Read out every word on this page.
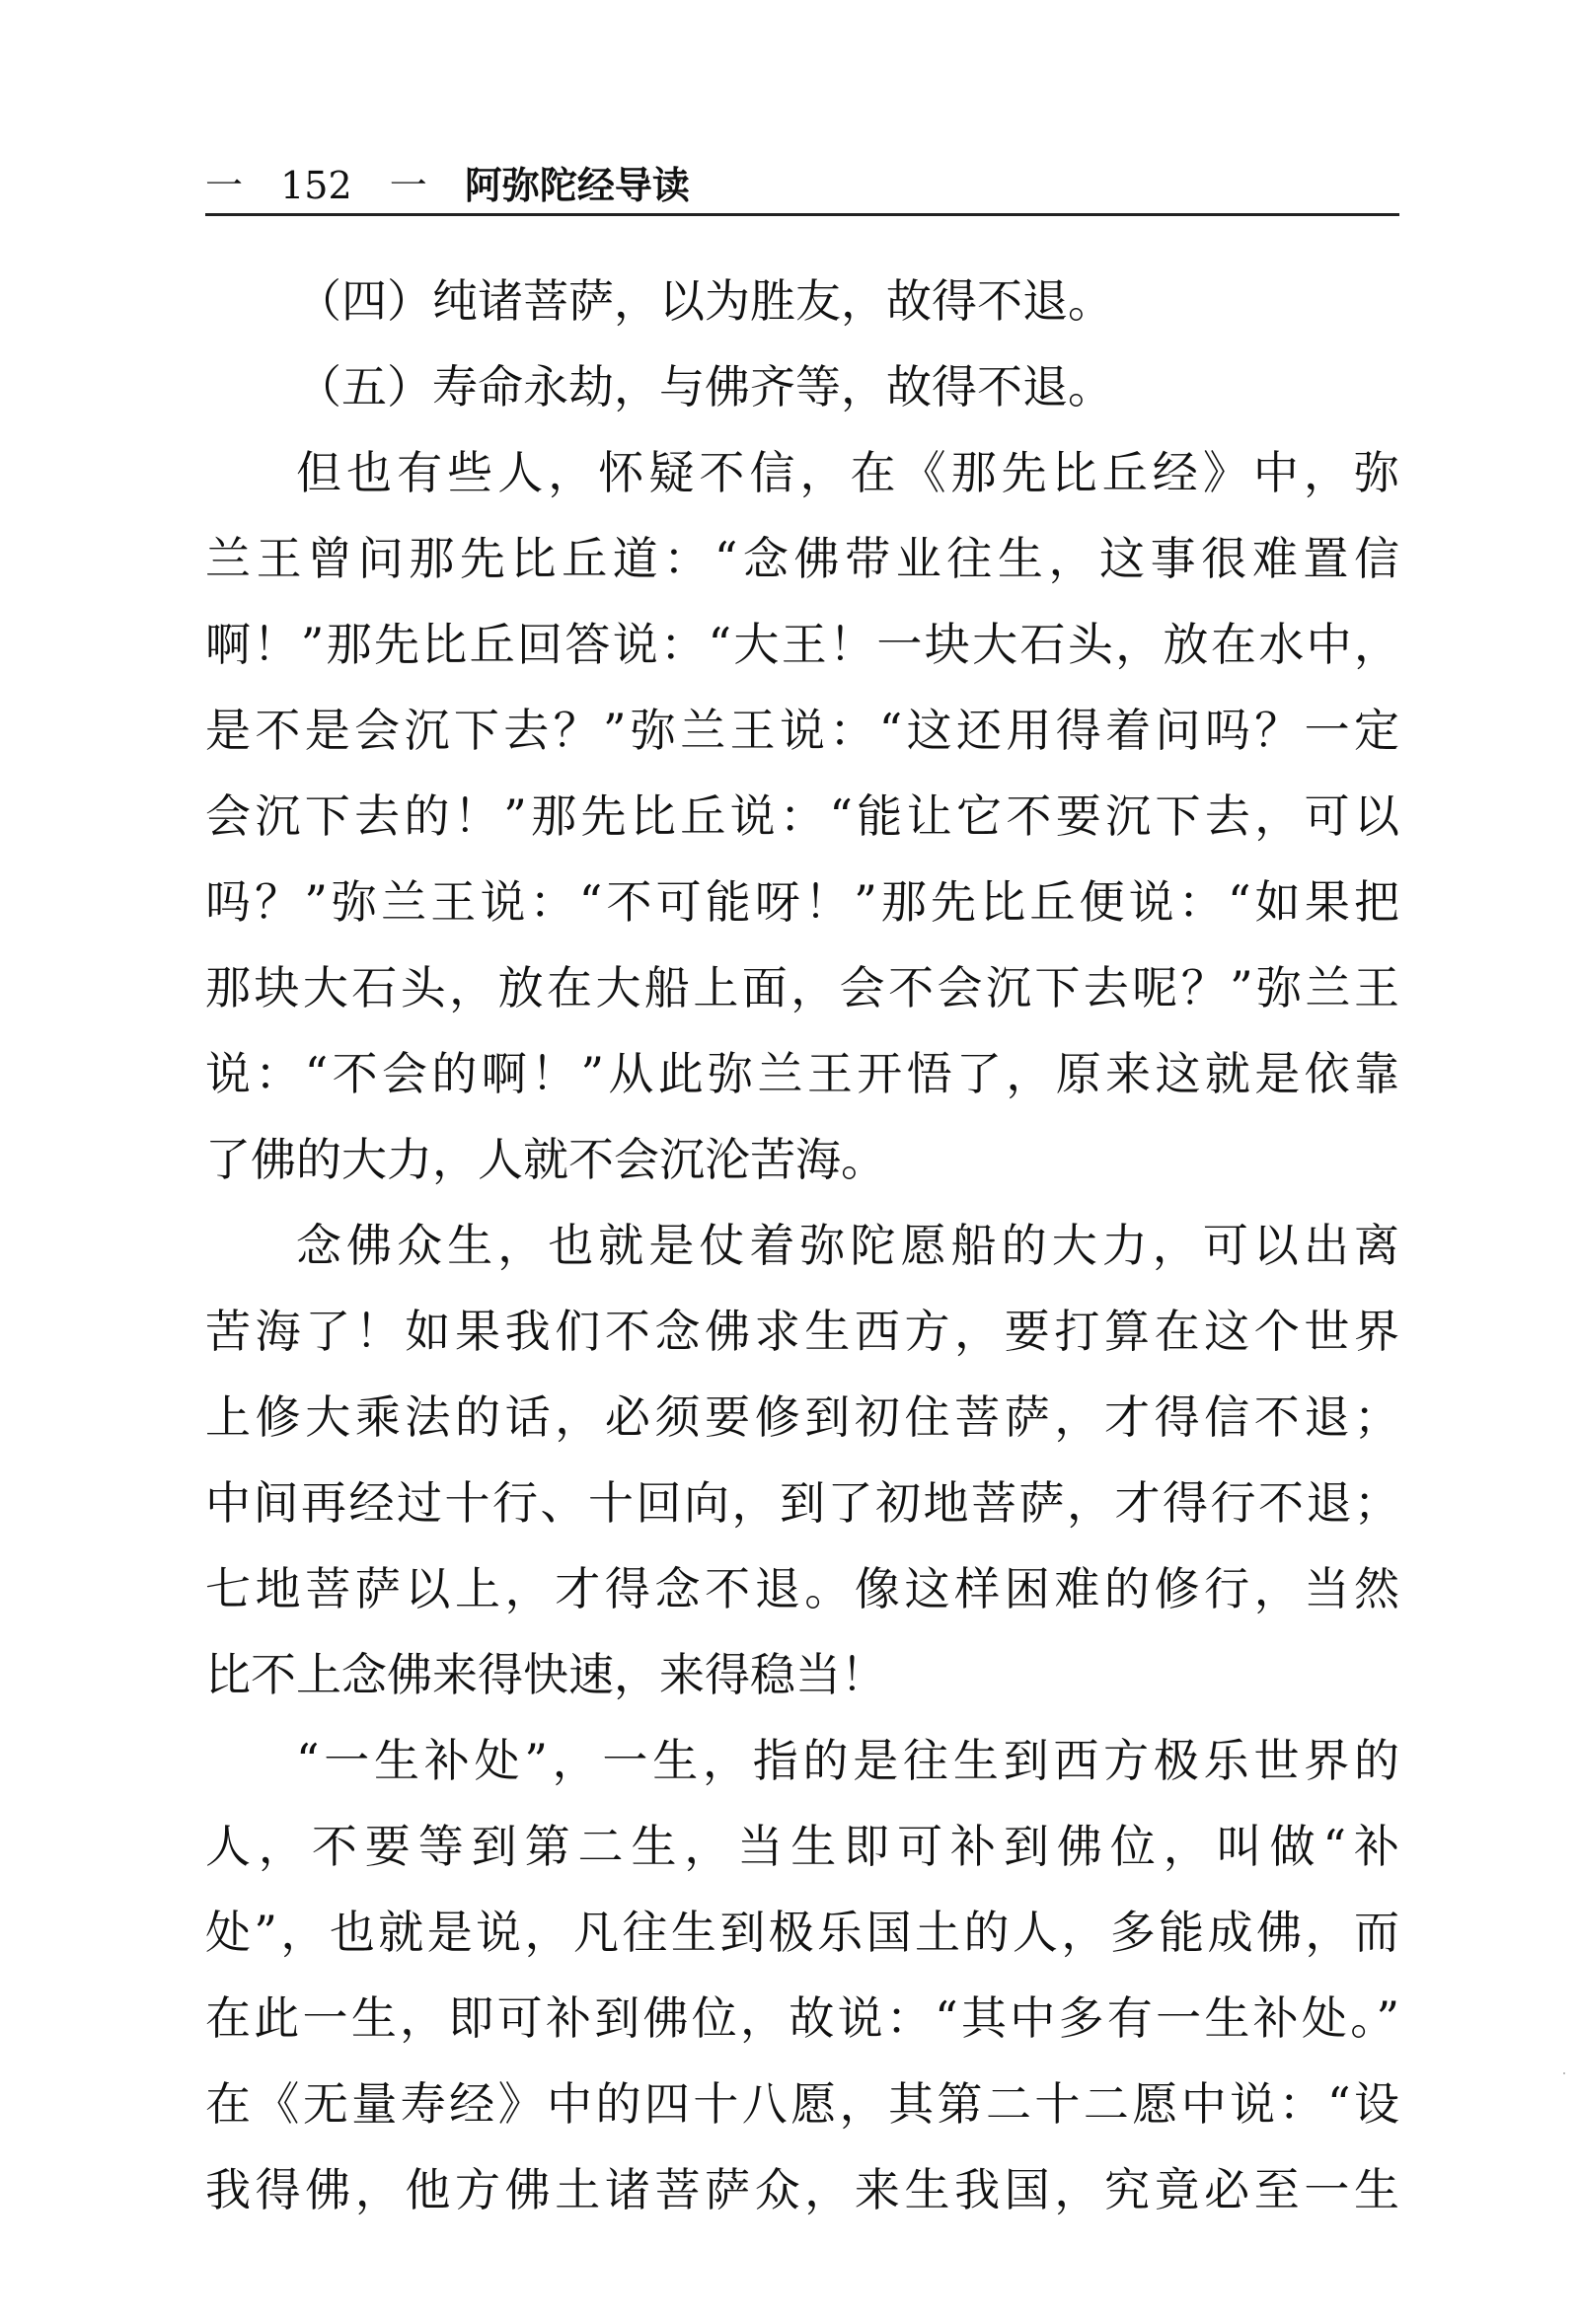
一 152 一 阿弥陀经导读
（四）纯诸菩萨，以为胜友，故得不退。
（五）寿命永劫，与佛齐等，故得不退。
但也有些人，怀疑不信，在《那先比丘经》中，弥
兰王曾问那先比丘道：“念佛带业往生，这事很难置信
啊！”那先比丘回答说：“大王！一块大石头，放在水中，
是不是会沉下去？”弥兰王说：“这还用得着问吗？一定
会沉下去的！”那先比丘说：“能让它不要沉下去，可以
吗？”弥兰王说：“不可能呀！”那先比丘便说：“如果把
那块大石头，放在大船上面，会不会沉下去呢？”弥兰王
说：“不会的啊！”从此弥兰王开悟了，原来这就是依靠
了佛的大力，人就不会沉沦苦海。
念佛众生，也就是仗着弥陀愿船的大力，可以出离
苦海了！如果我们不念佛求生西方，要打算在这个世界
上修大乘法的话，必须要修到初住菩萨，才得信不退；
中间再经过十行、十回向，到了初地菩萨，才得行不退；
七地菩萨以上，才得念不退。像这样困难的修行，当然
比不上念佛来得快速，来得稳当！
“一生补处”，一生，指的是往生到西方极乐世界的
人，不要等到第二生，当生即可补到佛位，叫做“补
处”，也就是说，凡往生到极乐国土的人，多能成佛，而
在此一生，即可补到佛位，故说：“其中多有一生补处。”
在《无量寿经》中的四十八愿，其第二十二愿中说：“设
我得佛，他方佛土诸菩萨众，来生我国，究竟必至一生
